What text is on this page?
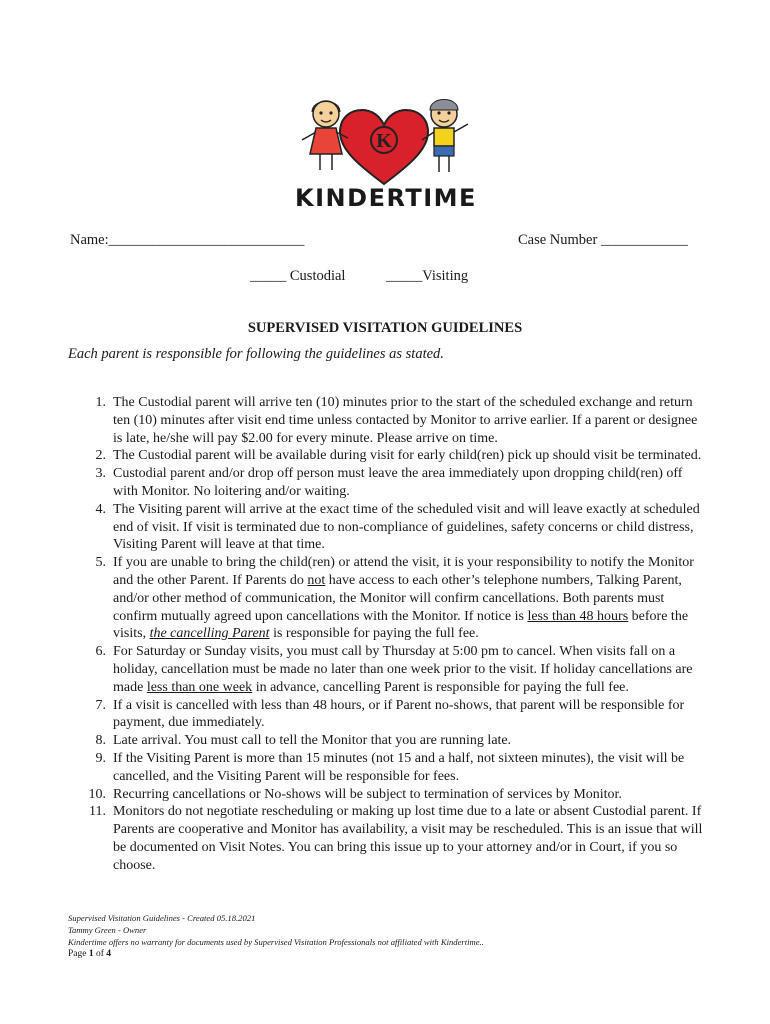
K
KINDERTIME
Name:___________________________	Case Number ____________
_____ Custodial	_____Visiting
SUPERVISED VISITATION GUIDELINES
Each parent is responsible for following the guidelines as stated.
1. The Custodial parent will arrive ten (10) minutes prior to the start of the scheduled exchange and return ten (10) minutes after visit end time unless contacted by Monitor to arrive earlier. If a parent or designee is late, he/she will pay $2.00 for every minute. Please arrive on time.
2. The Custodial parent will be available during visit for early child(ren) pick up should visit be terminated.
3. Custodial parent and/or drop off person must leave the area immediately upon dropping child(ren) off with Monitor. No loitering and/or waiting.
4. The Visiting parent will arrive at the exact time of the scheduled visit and will leave exactly at scheduled end of visit. If visit is terminated due to non-compliance of guidelines, safety concerns or child distress, Visiting Parent will leave at that time.
5. If you are unable to bring the child(ren) or attend the visit, it is your responsibility to notify the Monitor and the other Parent. If Parents do not have access to each other’s telephone numbers, Talking Parent, and/or other method of communication, the Monitor will confirm cancellations. Both parents must confirm mutually agreed upon cancellations with the Monitor. If notice is less than 48 hours before the visits, the cancelling Parent is responsible for paying the full fee.
6. For Saturday or Sunday visits, you must call by Thursday at 5:00 pm to cancel. When visits fall on a holiday, cancellation must be made no later than one week prior to the visit. If holiday cancellations are made less than one week in advance, cancelling Parent is responsible for paying the full fee.
7. If a visit is cancelled with less than 48 hours, or if Parent no-shows, that parent will be responsible for payment, due immediately.
8. Late arrival. You must call to tell the Monitor that you are running late.
9. If the Visiting Parent is more than 15 minutes (not 15 and a half, not sixteen minutes), the visit will be cancelled, and the Visiting Parent will be responsible for fees.
10. Recurring cancellations or No-shows will be subject to termination of services by Monitor.
11. Monitors do not negotiate rescheduling or making up lost time due to a late or absent Custodial parent. If Parents are cooperative and Monitor has availability, a visit may be rescheduled. This is an issue that will be documented on Visit Notes. You can bring this issue up to your attorney and/or in Court, if you so choose.
Supervised Visitation Guidelines - Created 05.18.2021
Tammy Green - Owner
Kindertime offers no warranty for documents used by Supervised Visitation Professionals not affiliated with Kindertime..
Page 1 of 4
